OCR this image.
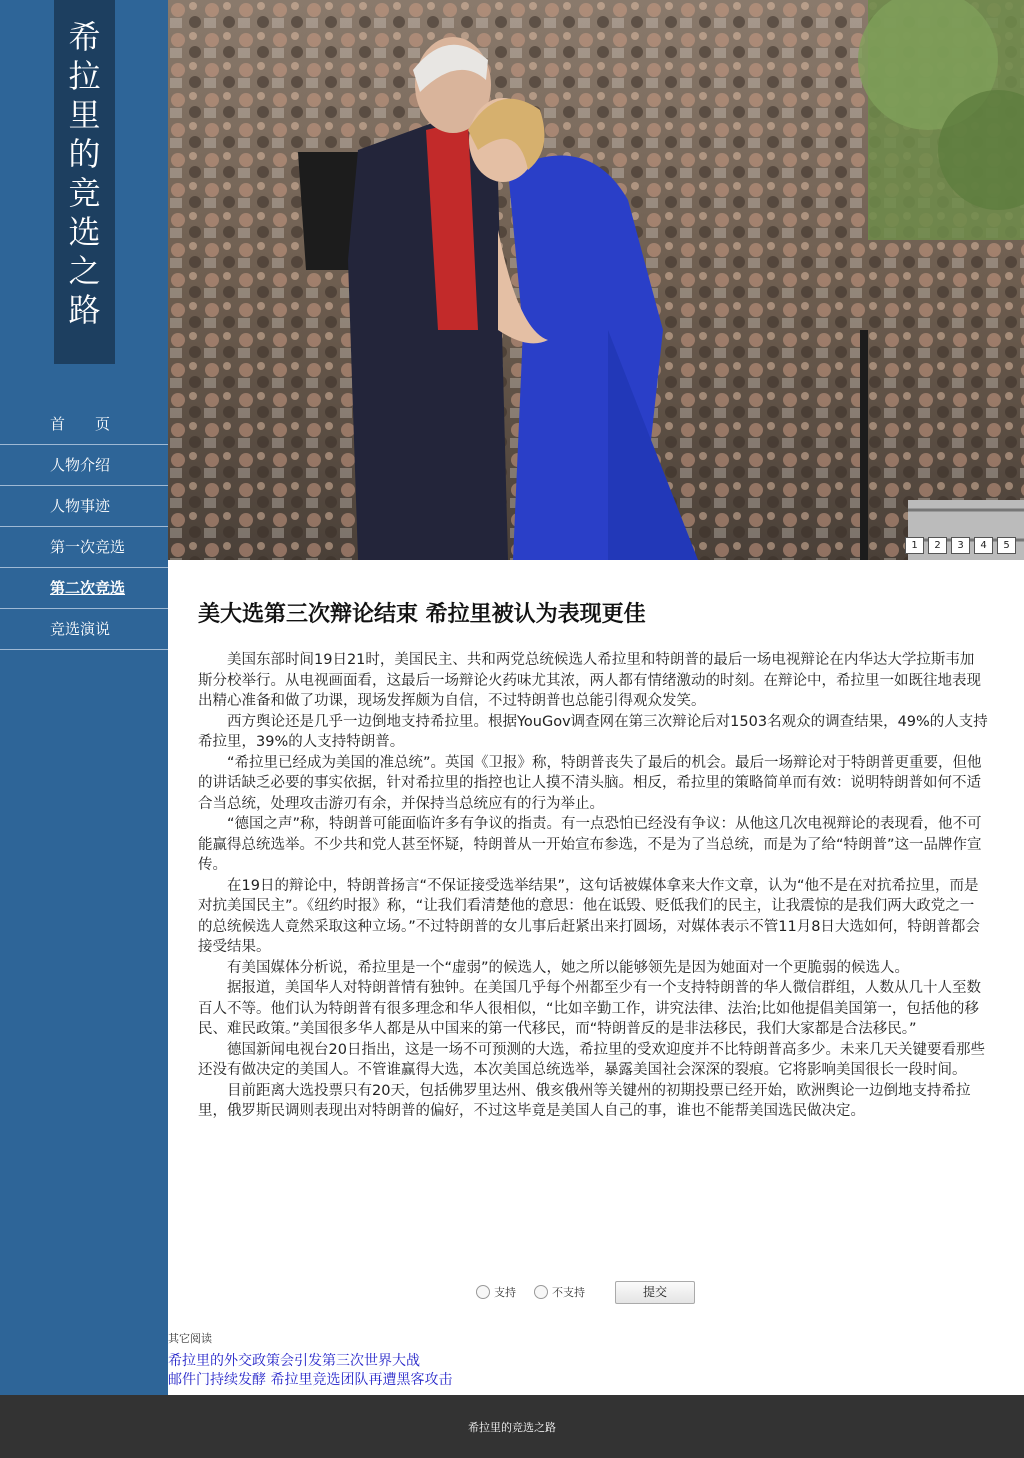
希
拉
里
的
竞
选
之
路
首　　页
人物介绍
人物事迹
第一次竞选
第二次竞选
竞选演说
1	2	3	4	5
美大选第三次辩论结束 希拉里被认为表现更佳

美国东部时间19日21时，美国民主、共和两党总统候选人希拉里和特朗普的最后一场电视辩论在内华达大学拉斯韦加斯分校举行。从电视画面看，这最后一场辩论火药味尤其浓，两人都有情绪激动的时刻。在辩论中，希拉里一如既往地表现出精心准备和做了功课，现场发挥颇为自信，不过特朗普也总能引得观众发笑。

西方舆论还是几乎一边倒地支持希拉里。根据YouGov调查网在第三次辩论后对1503名观众的调查结果，49%的人支持希拉里，39%的人支持特朗普。

“希拉里已经成为美国的准总统”。英国《卫报》称，特朗普丧失了最后的机会。最后一场辩论对于特朗普更重要，但他的讲话缺乏必要的事实依据，针对希拉里的指控也让人摸不清头脑。相反，希拉里的策略简单而有效：说明特朗普如何不适合当总统，处理攻击游刃有余，并保持当总统应有的行为举止。

“德国之声”称，特朗普可能面临许多有争议的指责。有一点恐怕已经没有争议：从他这几次电视辩论的表现看，他不可能赢得总统选举。不少共和党人甚至怀疑，特朗普从一开始宣布参选，不是为了当总统，而是为了给“特朗普”这一品牌作宣传。

在19日的辩论中，特朗普扬言“不保证接受选举结果”，这句话被媒体拿来大作文章，认为“他不是在对抗希拉里，而是对抗美国民主”。《纽约时报》称，“让我们看清楚他的意思：他在诋毁、贬低我们的民主，让我震惊的是我们两大政党之一的总统候选人竟然采取这种立场。”不过特朗普的女儿事后赶紧出来打圆场，对媒体表示不管11月8日大选如何，特朗普都会接受结果。

有美国媒体分析说，希拉里是一个“虚弱”的候选人，她之所以能够领先是因为她面对一个更脆弱的候选人。

据报道，美国华人对特朗普情有独钟。在美国几乎每个州都至少有一个支持特朗普的华人微信群组，人数从几十人至数百人不等。他们认为特朗普有很多理念和华人很相似，“比如辛勤工作，讲究法律、法治;比如他提倡美国第一，包括他的移民、难民政策。”美国很多华人都是从中国来的第一代移民，而“特朗普反的是非法移民，我们大家都是合法移民。”

德国新闻电视台20日指出，这是一场不可预测的大选，希拉里的受欢迎度并不比特朗普高多少。未来几天关键要看那些还没有做决定的美国人。不管谁赢得大选，本次美国总统选举，暴露美国社会深深的裂痕。它将影响美国很长一段时间。

目前距离大选投票只有20天，包括佛罗里达州、俄亥俄州等关键州的初期投票已经开始，欧洲舆论一边倒地支持希拉里，俄罗斯民调则表现出对特朗普的偏好，不过这毕竟是美国人自己的事，谁也不能帮美国选民做决定。

支持	不支持	提交

其它阅读

希拉里的外交政策会引发第三次世界大战
邮件门持续发酵 希拉里竞选团队再遭黑客攻击
希拉里的竞选之路
